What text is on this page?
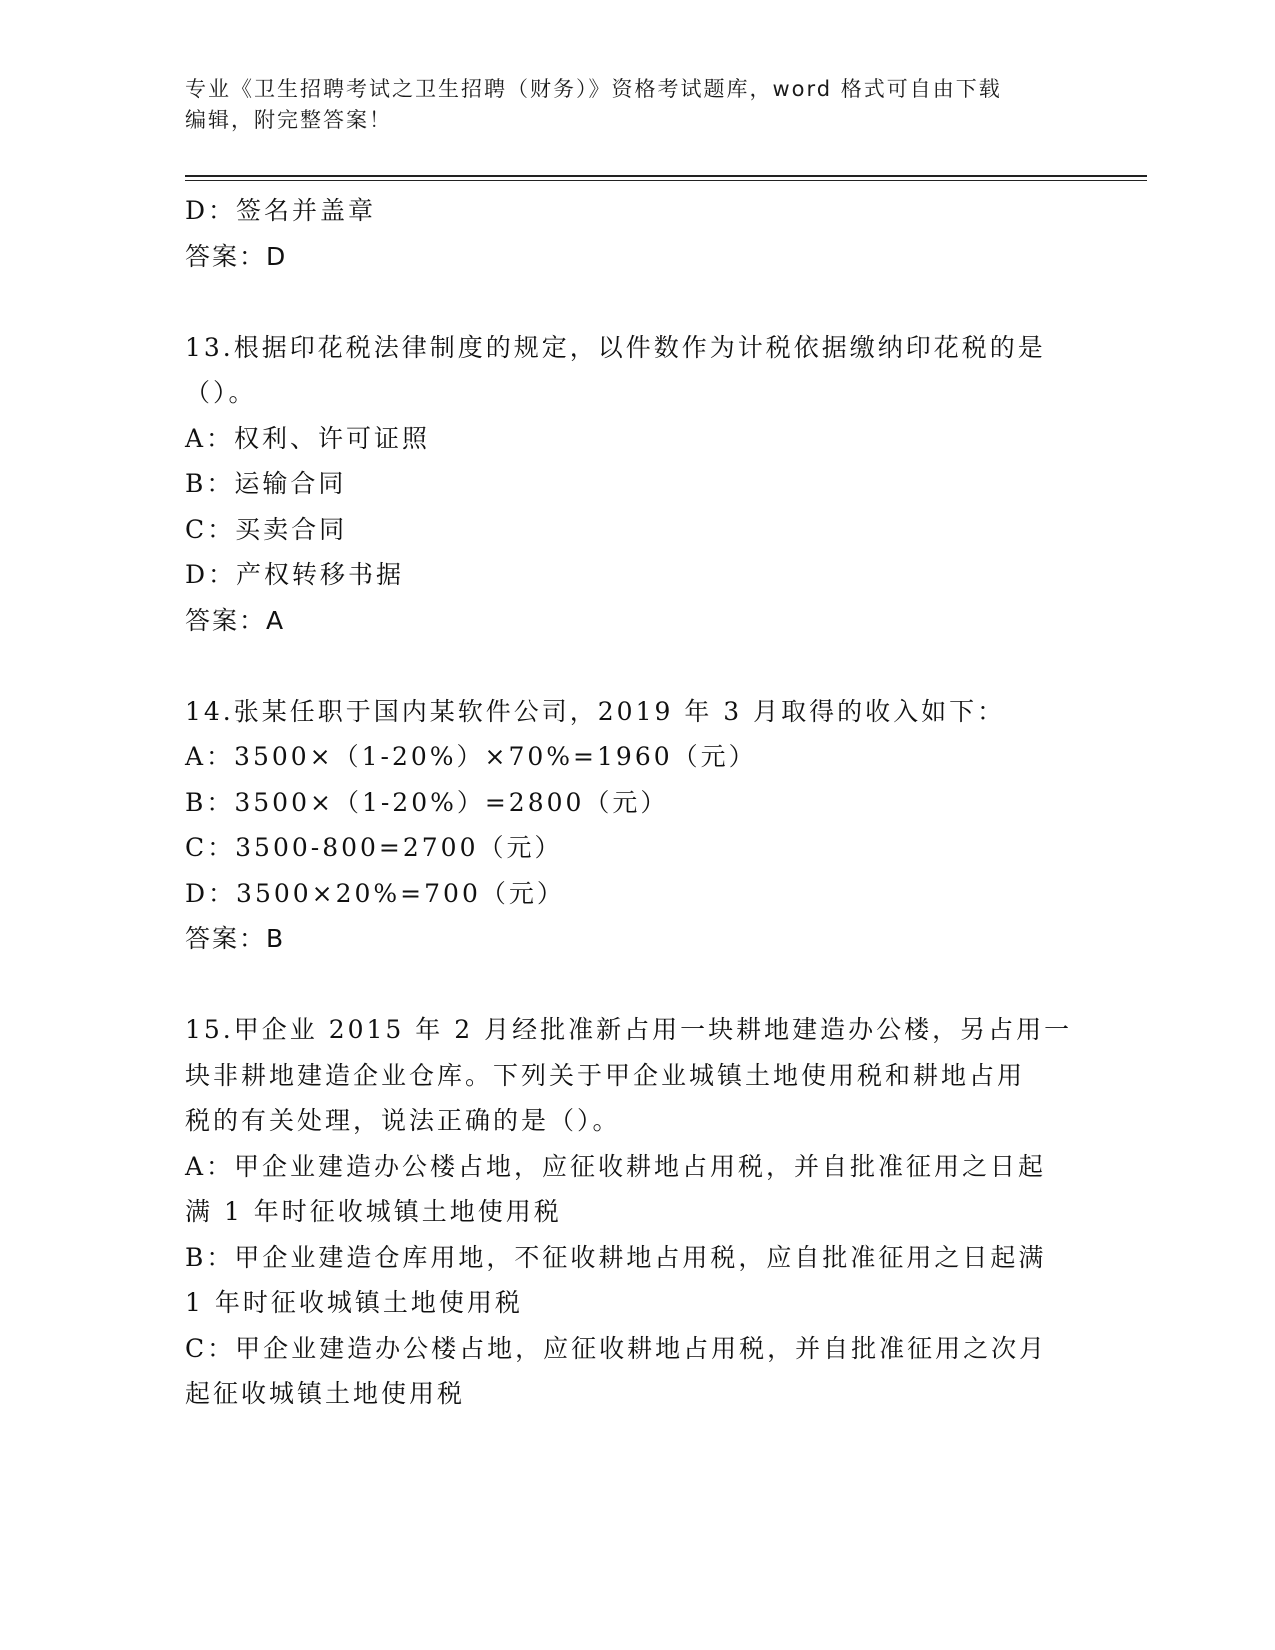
专业《卫生招聘考试之卫生招聘（财务）》资格考试题库，word 格式可自由下载
编辑，附完整答案！
D：签名并盖章
答案：D
13.根据印花税法律制度的规定，以件数作为计税依据缴纳印花税的是
（）。
A：权利、许可证照
B：运输合同
C：买卖合同
D：产权转移书据
答案：A
14.张某任职于国内某软件公司，2019 年 3 月取得的收入如下：
A：3500×（1-20%）×70%=1960（元）
B：3500×（1-20%）=2800（元）
C：3500-800=2700（元）
D：3500×20%=700（元）
答案：B
15.甲企业 2015 年 2 月经批准新占用一块耕地建造办公楼，另占用一
块非耕地建造企业仓库。下列关于甲企业城镇土地使用税和耕地占用
税的有关处理，说法正确的是（）。
A：甲企业建造办公楼占地，应征收耕地占用税，并自批准征用之日起
满 1 年时征收城镇土地使用税
B：甲企业建造仓库用地，不征收耕地占用税，应自批准征用之日起满
1 年时征收城镇土地使用税
C：甲企业建造办公楼占地，应征收耕地占用税，并自批准征用之次月
起征收城镇土地使用税
